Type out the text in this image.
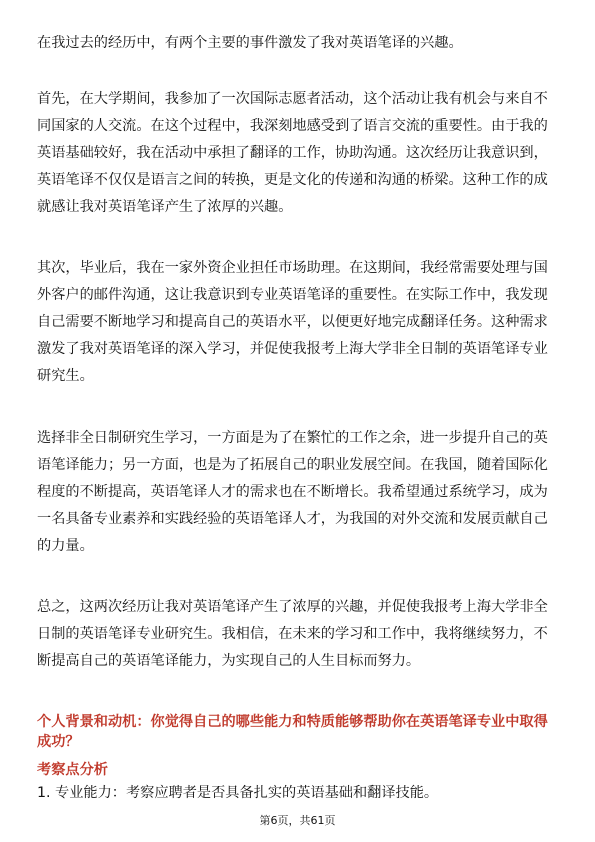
在我过去的经历中，有两个主要的事件激发了我对英语笔译的兴趣。

首先，在大学期间，我参加了一次国际志愿者活动，这个活动让我有机会与来自不
同国家的人交流。在这个过程中，我深刻地感受到了语言交流的重要性。由于我的
英语基础较好，我在活动中承担了翻译的工作，协助沟通。这次经历让我意识到，
英语笔译不仅仅是语言之间的转换，更是文化的传递和沟通的桥梁。这种工作的成
就感让我对英语笔译产生了浓厚的兴趣。

其次，毕业后，我在一家外资企业担任市场助理。在这期间，我经常需要处理与国
外客户的邮件沟通，这让我意识到专业英语笔译的重要性。在实际工作中，我发现
自己需要不断地学习和提高自己的英语水平，以便更好地完成翻译任务。这种需求
激发了我对英语笔译的深入学习，并促使我报考上海大学非全日制的英语笔译专业
研究生。

选择非全日制研究生学习，一方面是为了在繁忙的工作之余，进一步提升自己的英
语笔译能力；另一方面，也是为了拓展自己的职业发展空间。在我国，随着国际化
程度的不断提高，英语笔译人才的需求也在不断增长。我希望通过系统学习，成为
一名具备专业素养和实践经验的英语笔译人才，为我国的对外交流和发展贡献自己
的力量。

总之，这两次经历让我对英语笔译产生了浓厚的兴趣，并促使我报考上海大学非全
日制的英语笔译专业研究生。我相信，在未来的学习和工作中，我将继续努力，不
断提高自己的英语笔译能力，为实现自己的人生目标而努力。

个人背景和动机：你觉得自己的哪些能力和特质能够帮助你在英语笔译专业中取得
成功？

考察点分析

1. 专业能力：考察应聘者是否具备扎实的英语基础和翻译技能。

第6页，共61页
